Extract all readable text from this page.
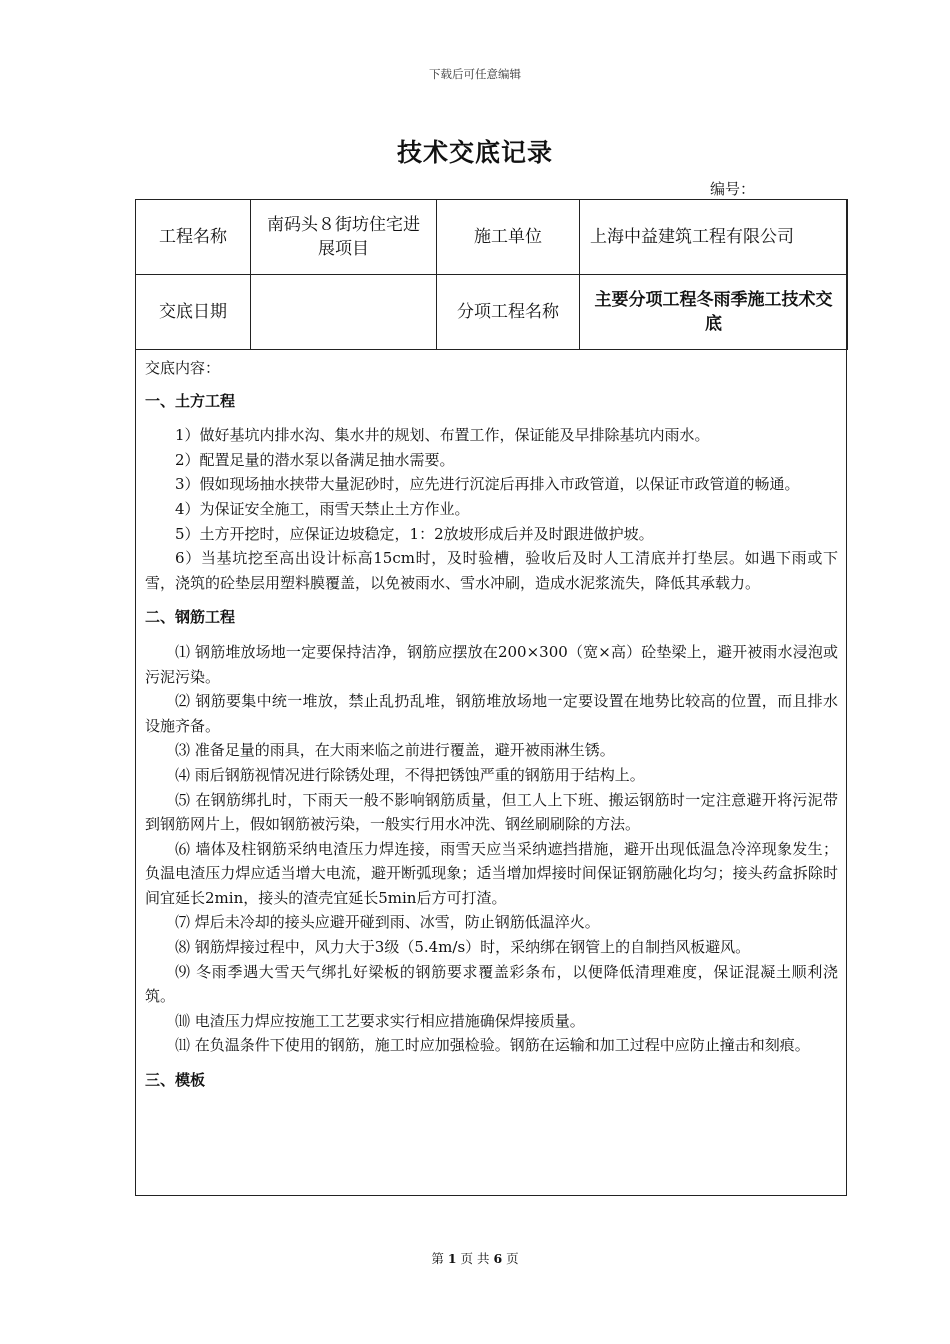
下载后可任意编辑
技术交底记录
编号：
工程名称	南码头８街坊住宅进展项目	施工单位	上海中益建筑工程有限公司
交底日期		分项工程名称	主要分项工程冬雨季施工技术交底

交底内容：

一、土方工程

1）做好基坑内排水沟、集水井的规划、布置工作，保证能及早排除基坑内雨水。

2）配置足量的潜水泵以备满足抽水需要。

3）假如现场抽水挟带大量泥砂时，应先进行沉淀后再排入市政管道，以保证市政管道的畅通。

4）为保证安全施工，雨雪天禁止土方作业。

5）土方开挖时，应保证边坡稳定，1：2放坡形成后并及时跟进做护坡。

6）当基坑挖至高出设计标高15cm时，及时验槽，验收后及时人工清底并打垫层。如遇下雨或下雪，浇筑的砼垫层用塑料膜覆盖，以免被雨水、雪水冲刷，造成水泥浆流失，降低其承载力。

二、钢筋工程

⑴ 钢筋堆放场地一定要保持洁净，钢筋应摆放在200×300（宽×高）砼垫梁上，避开被雨水浸泡或污泥污染。

⑵ 钢筋要集中统一堆放，禁止乱扔乱堆，钢筋堆放场地一定要设置在地势比较高的位置，而且排水设施齐备。

⑶ 准备足量的雨具，在大雨来临之前进行覆盖，避开被雨淋生锈。

⑷ 雨后钢筋视情况进行除锈处理，不得把锈蚀严重的钢筋用于结构上。

⑸ 在钢筋绑扎时，下雨天一般不影响钢筋质量，但工人上下班、搬运钢筋时一定注意避开将污泥带到钢筋网片上，假如钢筋被污染，一般实行用水冲洗、钢丝刷刷除的方法。

⑹ 墙体及柱钢筋采纳电渣压力焊连接，雨雪天应当采纳遮挡措施，避开出现低温急冷淬现象发生；负温电渣压力焊应适当增大电流，避开断弧现象；适当增加焊接时间保证钢筋融化均匀；接头药盒拆除时间宜延长2min，接头的渣壳宜延长5min后方可打渣。

⑺ 焊后未冷却的接头应避开碰到雨、冰雪，防止钢筋低温淬火。

⑻ 钢筋焊接过程中，风力大于3级（5.4m/s）时，采纳绑在钢管上的自制挡风板避风。

⑼ 冬雨季遇大雪天气绑扎好梁板的钢筋要求覆盖彩条布，以便降低清理难度，保证混凝土顺利浇筑。

⑽ 电渣压力焊应按施工工艺要求实行相应措施确保焊接质量。

⑾ 在负温条件下使用的钢筋，施工时应加强检验。钢筋在运输和加工过程中应防止撞击和刻痕。

三、模板

第 1 页 共 6 页
